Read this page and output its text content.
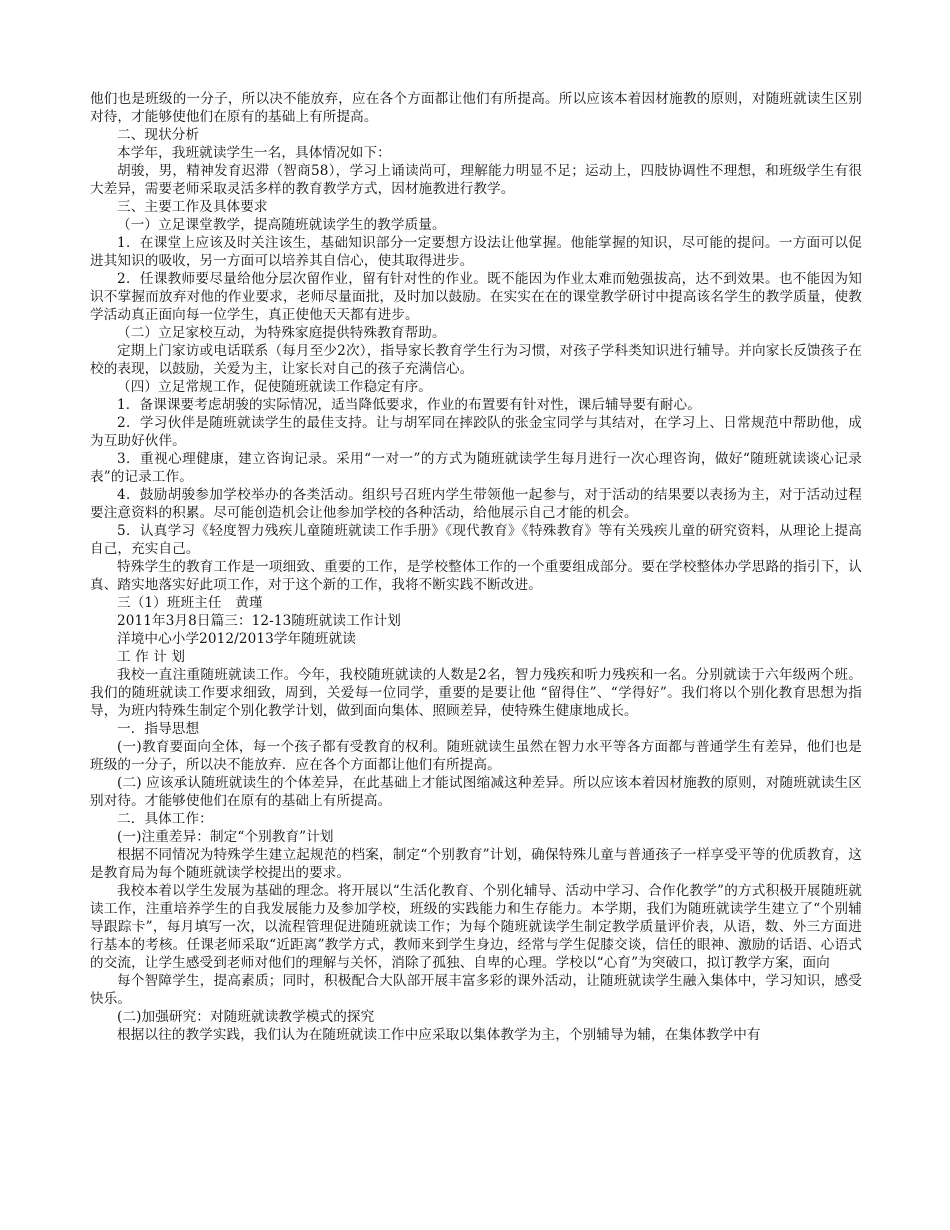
他们也是班级的一分子，所以决不能放弃，应在各个方面都让他们有所提高。所以应该本着因材施教的原则，对随班就读生区别对待，才能够使他们在原有的基础上有所提高。

二、现状分析

本学年，我班就读学生一名，具体情况如下：

胡骏，男，精神发育迟滞（智商58），学习上诵读尚可，理解能力明显不足；运动上，四肢协调性不理想，和班级学生有很大差异，需要老师采取灵活多样的教育教学方式，因材施教进行教学。

三、主要工作及具体要求

（一）立足课堂教学，提高随班就读学生的教学质量。

1．在课堂上应该及时关注该生，基础知识部分一定要想方设法让他掌握。他能掌握的知识，尽可能的提问。一方面可以促进其知识的吸收，另一方面可以培养其自信心，使其取得进步。

2．任课教师要尽量给他分层次留作业，留有针对性的作业。既不能因为作业太难而勉强拔高，达不到效果。也不能因为知识不掌握而放弃对他的作业要求，老师尽量面批，及时加以鼓励。在实实在在的课堂教学研讨中提高该名学生的教学质量，使教学活动真正面向每一位学生，真正使他天天都有进步。

（二）立足家校互动，为特殊家庭提供特殊教育帮助。

定期上门家访或电话联系（每月至少2次），指导家长教育学生行为习惯，对孩子学科类知识进行辅导。并向家长反馈孩子在校的表现，以鼓励，关爱为主，让家长对自己的孩子充满信心。

（四）立足常规工作，促使随班就读工作稳定有序。

1．备课课要考虑胡骏的实际情况，适当降低要求，作业的布置要有针对性，课后辅导要有耐心。

2．学习伙伴是随班就读学生的最佳支持。让与胡军同在摔跤队的张金宝同学与其结对，在学习上、日常规范中帮助他，成为互助好伙伴。

3．重视心理健康，建立咨询记录。采用“一对一”的方式为随班就读学生每月进行一次心理咨询，做好“随班就读谈心记录表”的记录工作。

4．鼓励胡骏参加学校举办的各类活动。组织号召班内学生带领他一起参与，对于活动的结果要以表扬为主，对于活动过程要注意资料的积累。尽可能创造机会让他参加学校的各种活动，给他展示自己才能的机会。

5．认真学习《轻度智力残疾儿童随班就读工作手册》《现代教育》《特殊教育》等有关残疾儿童的研究资料，从理论上提高自己，充实自己。

特殊学生的教育工作是一项细致、重要的工作，是学校整体工作的一个重要组成部分。要在学校整体办学思路的指引下，认真、踏实地落实好此项工作，对于这个新的工作，我将不断实践不断改进。

三（1）班班主任　黄瑾

2011年3月8日篇三：12-13随班就读工作计划

洋境中心小学2012/2013学年随班就读

工 作 计 划

我校一直注重随班就读工作。今年，我校随班就读的人数是2名，智力残疾和听力残疾和一名。分别就读于六年级两个班。我们的随班就读工作要求细致，周到，关爱每一位同学，重要的是要让他 “留得住”、“学得好”。我们将以个别化教育思想为指导，为班内特殊生制定个别化教学计划，做到面向集体、照顾差异，使特殊生健康地成长。

一．指导思想

(一)教育要面向全体，每一个孩子都有受教育的权利。随班就读生虽然在智力水平等各方面都与普通学生有差异，他们也是班级的一分子，所以决不能放弃．应在各个方面都让他们有所提高。

(二) 应该承认随班就读生的个体差异，在此基础上才能试图缩减这种差异。所以应该本着因材施教的原则，对随班就读生区别对待。才能够使他们在原有的基础上有所提高。

二．具体工作：

(一)注重差异：制定“个别教育”计划

根据不同情况为特殊学生建立起规范的档案，制定“个别教育”计划，确保特殊儿童与普通孩子一样享受平等的优质教育，这是教育局为每个随班就读学校提出的要求。

我校本着以学生发展为基础的理念。将开展以“生活化教育、个别化辅导、活动中学习、合作化教学”的方式积极开展随班就读工作，注重培养学生的自我发展能力及参加学校，班级的实践能力和生存能力。本学期，我们为随班就读学生建立了“个别辅导跟踪卡”，每月填写一次，以流程管理促进随班就读工作；为每个随班就读学生制定教学质量评价表，从语，数、外三方面进行基本的考核。任课老师采取“近距离”教学方式，教师来到学生身边，经常与学生促膝交谈，信任的眼神、激励的话语、心语式的交流，让学生感受到老师对他们的理解与关怀，消除了孤独、自卑的心理。学校以“心育”为突破口，拟订教学方案，面向

每个智障学生，提高素质；同时，积极配合大队部开展丰富多彩的课外活动，让随班就读学生融入集体中，学习知识，感受快乐。

(二)加强研究：对随班就读教学模式的探究

根据以往的教学实践，我们认为在随班就读工作中应采取以集体教学为主，个别辅导为辅，在集体教学中有
